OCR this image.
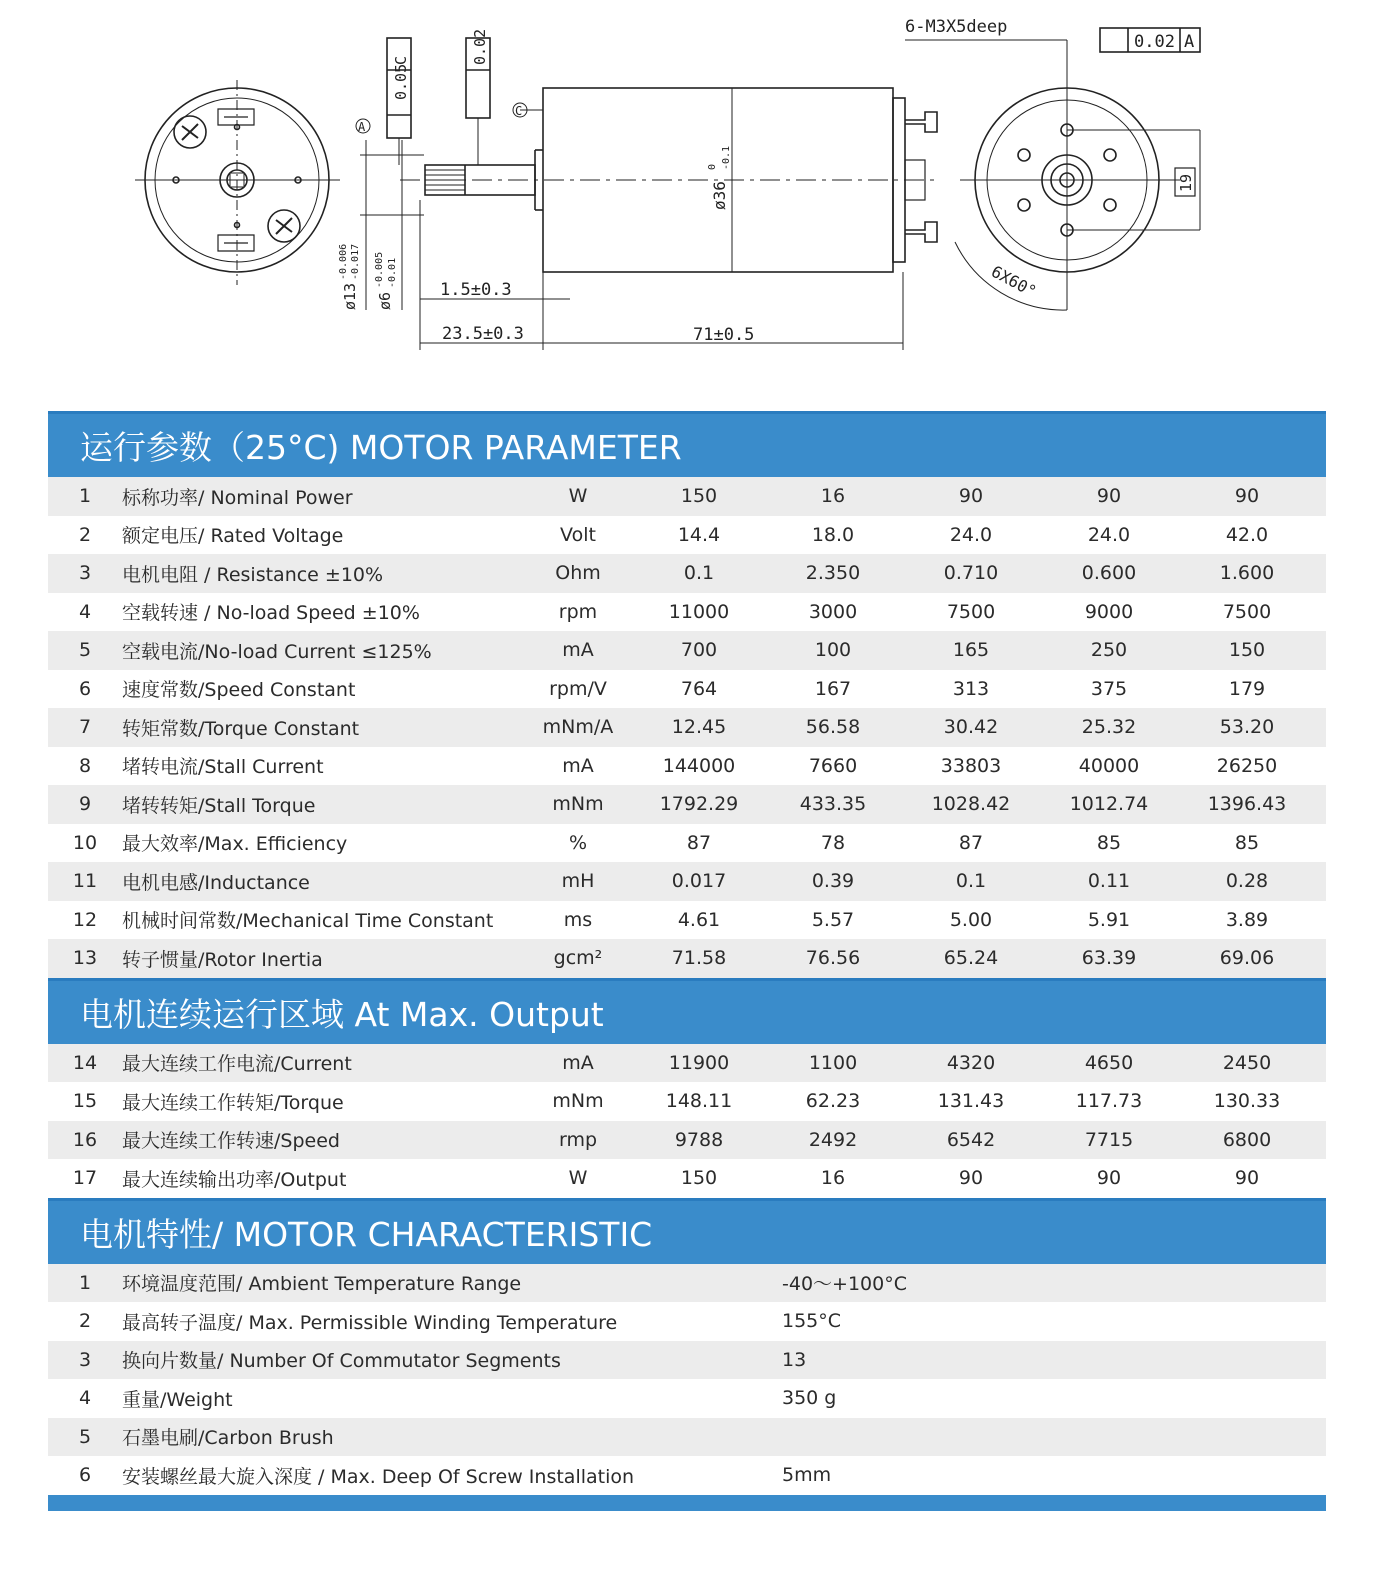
6-M3X5deep
0.02 A
A
C
0.05
C	0.02
ø36
0 -0.1
ø13
-0.006 -0.017
ø6
-0.005 -0.01
1.5±0.3
23.5±0.3	71±0.5
19
6X60°
运行参数（25°C) MOTOR PARAMETER
1	标称功率/ Nominal Power	W	150	16	90	90	90
2	额定电压/ Rated Voltage	Volt	14.4	18.0	24.0	24.0	42.0
3	电机电阻 / Resistance ±10%	Ohm	0.1	2.350	0.710	0.600	1.600
4	空载转速 / No-load Speed ±10%	rpm	11000	3000	7500	9000	7500
5	空载电流/No-load Current ≤125%	mA	700	100	165	250	150
6	速度常数/Speed Constant	rpm/V	764	167	313	375	179
7	转矩常数/Torque Constant	mNm/A	12.45	56.58	30.42	25.32	53.20
8	堵转电流/Stall Current	mA	144000	7660	33803	40000	26250
9	堵转转矩/Stall Torque	mNm	1792.29	433.35	1028.42	1012.74	1396.43
10	最大效率/Max. Efficiency	%	87	78	87	85	85
11	电机电感/Inductance	mH	0.017	0.39	0.1	0.11	0.28
12	机械时间常数/Mechanical Time Constant	ms	4.61	5.57	5.00	5.91	3.89
13	转子惯量/Rotor Inertia	gcm²	71.58	76.56	65.24	63.39	69.06
电机连续运行区域 At Max. Output
14	最大连续工作电流/Current	mA	11900	1100	4320	4650	2450
15	最大连续工作转矩/Torque	mNm	148.11	62.23	131.43	117.73	130.33
16	最大连续工作转速/Speed	rmp	9788	2492	6542	7715	6800
17	最大连续输出功率/Output	W	150	16	90	90	90
电机特性/ MOTOR CHARACTERISTIC
1	环境温度范围/ Ambient Temperature Range	-40～+100°C
2	最高转子温度/ Max. Permissible Winding Temperature	155°C
3	换向片数量/ Number Of Commutator Segments	13
4	重量/Weight	350 g
5	石墨电刷/Carbon Brush
6	安装螺丝最大旋入深度 / Max. Deep Of Screw Installation	5mm
